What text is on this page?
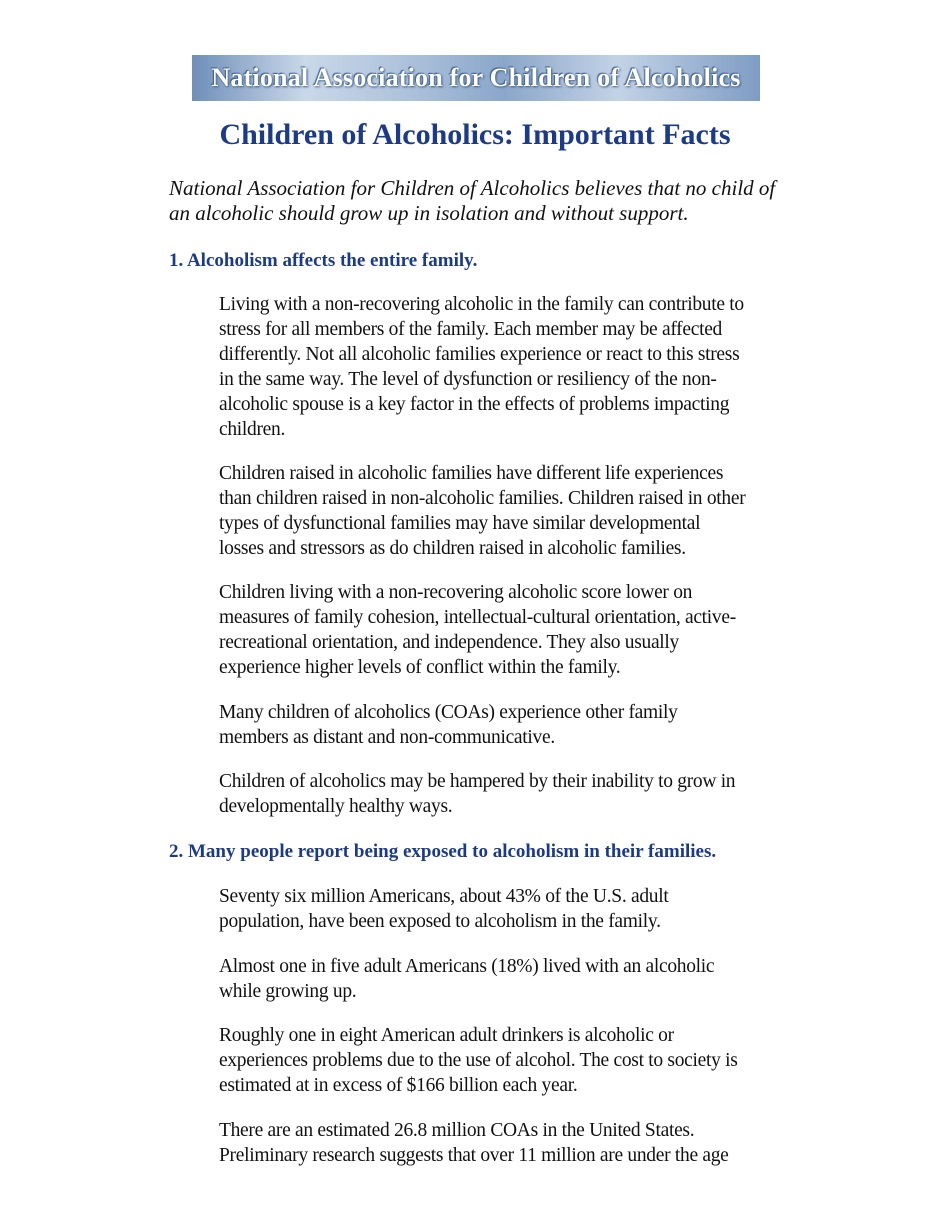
National Association for Children of Alcoholics
Children of Alcoholics: Important Facts

National Association for Children of Alcoholics believes that no child of an alcoholic should grow up in isolation and without support.

1. Alcoholism affects the entire family.

Living with a non-recovering alcoholic in the family can contribute to stress for all members of the family. Each member may be affected differently. Not all alcoholic families experience or react to this stress in the same way. The level of dysfunction or resiliency of the non-alcoholic spouse is a key factor in the effects of problems impacting children.

Children raised in alcoholic families have different life experiences than children raised in non-alcoholic families. Children raised in other types of dysfunctional families may have similar developmental losses and stressors as do children raised in alcoholic families.

Children living with a non-recovering alcoholic score lower on measures of family cohesion, intellectual-cultural orientation, active-recreational orientation, and independence. They also usually experience higher levels of conflict within the family.

Many children of alcoholics (COAs) experience other family members as distant and non-communicative.

Children of alcoholics may be hampered by their inability to grow in developmentally healthy ways.

2. Many people report being exposed to alcoholism in their families.

Seventy six million Americans, about 43% of the U.S. adult population, have been exposed to alcoholism in the family.

Almost one in five adult Americans (18%) lived with an alcoholic while growing up.

Roughly one in eight American adult drinkers is alcoholic or experiences problems due to the use of alcohol. The cost to society is estimated at in excess of $166 billion each year.

There are an estimated 26.8 million COAs in the United States. Preliminary research suggests that over 11 million are under the age
